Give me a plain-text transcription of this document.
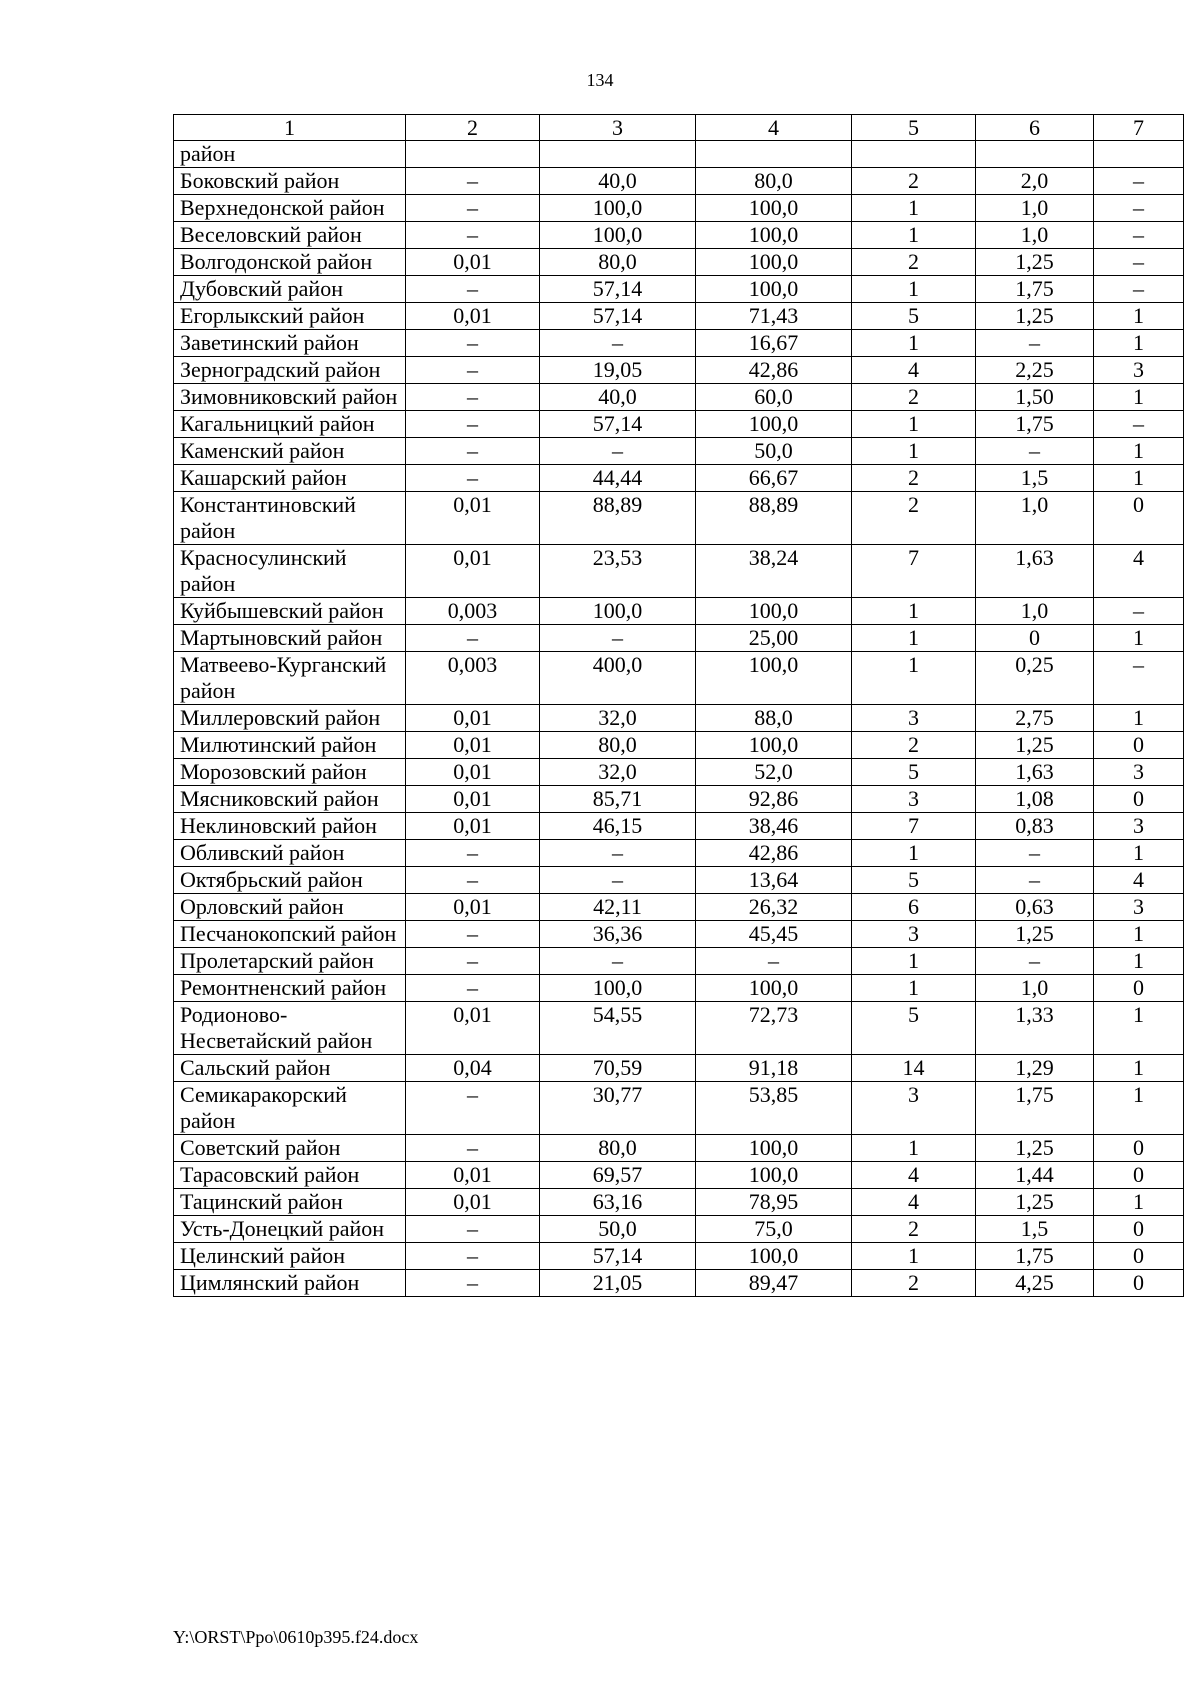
134
1	2	3	4	5	6	7
район						
Боковский район	–	40,0	80,0	2	2,0	–
Верхнедонской район	–	100,0	100,0	1	1,0	–
Веселовский район	–	100,0	100,0	1	1,0	–
Волгодонской район	0,01	80,0	100,0	2	1,25	–
Дубовский район	–	57,14	100,0	1	1,75	–
Егорлыкский район	0,01	57,14	71,43	5	1,25	1
Заветинский район	–	–	16,67	1	–	1
Зерноградский район	–	19,05	42,86	4	2,25	3
Зимовниковский район	–	40,0	60,0	2	1,50	1
Кагальницкий район	–	57,14	100,0	1	1,75	–
Каменский район	–	–	50,0	1	–	1
Кашарский район	–	44,44	66,67	2	1,5	1
Константиновский район	0,01	88,89	88,89	2	1,0	0
Красносулинский район	0,01	23,53	38,24	7	1,63	4
Куйбышевский район	0,003	100,0	100,0	1	1,0	–
Мартыновский район	–	–	25,00	1	0	1
Матвеево-Курганский район	0,003	400,0	100,0	1	0,25	–
Миллеровский район	0,01	32,0	88,0	3	2,75	1
Милютинский район	0,01	80,0	100,0	2	1,25	0
Морозовский район	0,01	32,0	52,0	5	1,63	3
Мясниковский район	0,01	85,71	92,86	3	1,08	0
Неклиновский район	0,01	46,15	38,46	7	0,83	3
Обливский район	–	–	42,86	1	–	1
Октябрьский район	–	–	13,64	5	–	4
Орловский район	0,01	42,11	26,32	6	0,63	3
Песчанокопский район	–	36,36	45,45	3	1,25	1
Пролетарский район	–	–	–	1	–	1
Ремонтненский район	–	100,0	100,0	1	1,0	0
Родионово-Несветайский район	0,01	54,55	72,73	5	1,33	1
Сальский район	0,04	70,59	91,18	14	1,29	1
Семикаракорский район	–	30,77	53,85	3	1,75	1
Советский район	–	80,0	100,0	1	1,25	0
Тарасовский район	0,01	69,57	100,0	4	1,44	0
Тацинский район	0,01	63,16	78,95	4	1,25	1
Усть-Донецкий район	–	50,0	75,0	2	1,5	0
Целинский район	–	57,14	100,0	1	1,75	0
Цимлянский район	–	21,05	89,47	2	4,25	0
Y:\ORST\Ppo\0610p395.f24.docx
